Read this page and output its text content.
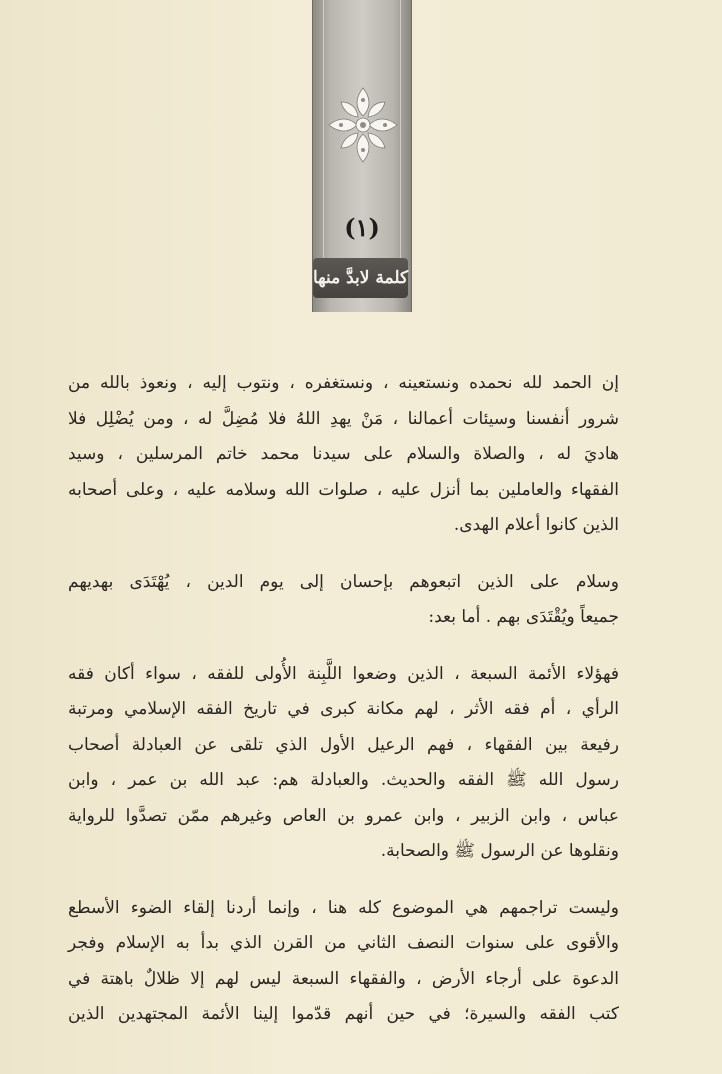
(١)
كلمة لابدَّ منها

إن الحمد لله نحمده ونستعينه ، ونستغفره ، ونتوب إليه ، ونعوذ بالله من
شرور أنفسنا وسيئات أعمالنا ، مَنْ يهدِ اللهُ فلا مُضِلَّ له ، ومن يُضْلِل فلا
هاديَ له ، والصلاة والسلام على سيدنا محمد خاتم المرسلين ، وسيد
الفقهاء والعاملين بما أنزل عليه ، صلوات الله وسلامه عليه ، وعلى أصحابه
الذين كانوا أعلام الهدى.

وسلام على الذين اتبعوهم بإحسان إلى يوم الدين ، يُهْتَدَى بهديهم
جميعاً ويُقْتَدَى بهم . أما بعد:

فهؤلاء الأئمة السبعة ، الذين وضعوا اللَّبِنة الأُولى للفقه ، سواء أكان فقه
الرأي ، أم فقه الأثر ، لهم مكانة كبرى في تاريخ الفقه الإسلامي ومرتبة
رفيعة بين الفقهاء ، فهم الرعيل الأول الذي تلقى عن العبادلة أصحاب
رسول الله ﷺ الفقه والحديث. والعبادلة هم: عبد الله بن عمر ، وابن
عباس ، وابن الزبير ، وابن عمرو بن العاص وغيرهم ممّن تصدَّوا للرواية
ونقلوها عن الرسول ﷺ والصحابة.

وليست تراجمهم هي الموضوع كله هنا ، وإنما أردنا إلقاء الضوء الأسطع
والأقوى على سنوات النصف الثاني من القرن الذي بدأ به الإسلام وفجر
الدعوة على أرجاء الأرض ، والفقهاء السبعة ليس لهم إلا ظلالٌ باهتة في
كتب الفقه والسيرة؛ في حين أنهم قدّموا إلينا الأئمة المجتهدين الذين
